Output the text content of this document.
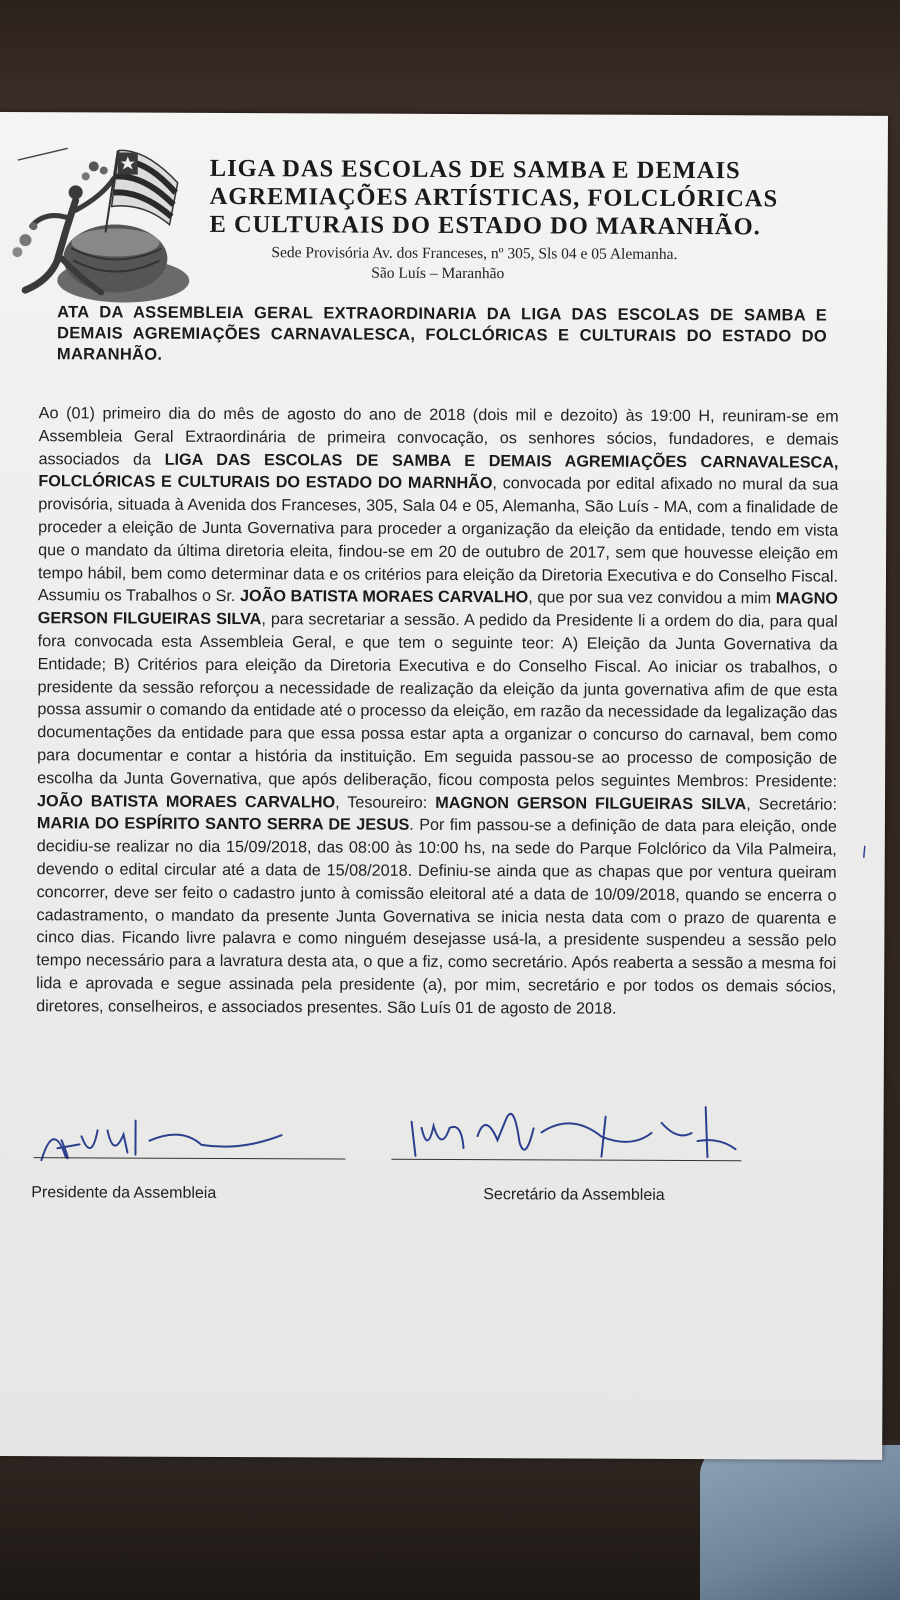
LIGA DAS ESCOLAS DE SAMBA E DEMAIS
AGREMIAÇÕES ARTÍSTICAS, FOLCLÓRICAS
E CULTURAIS DO ESTADO DO MARANHÃO.
Sede Provisória Av. dos Franceses, nº 305, Sls 04 e 05 Alemanha.
São Luís – Maranhão
ATA DA ASSEMBLEIA GERAL EXTRAORDINARIA DA LIGA DAS ESCOLAS DE SAMBA E DEMAIS AGREMIAÇÕES CARNAVALESCA, FOLCLÓRICAS E CULTURAIS DO ESTADO DO MARANHÃO.
Ao (01) primeiro dia do mês de agosto do ano de 2018 (dois mil e dezoito) às 19:00 H, reuniram-se em Assembleia Geral Extraordinária de primeira convocação, os senhores sócios, fundadores, e demais associados da LIGA DAS ESCOLAS DE SAMBA E DEMAIS AGREMIAÇÕES CARNAVALESCA, FOLCLÓRICAS E CULTURAIS DO ESTADO DO MARNHÃO, convocada por edital afixado no mural da sua provisória, situada à Avenida dos Franceses, 305, Sala 04 e 05, Alemanha, São Luís - MA, com a finalidade de proceder a eleição de Junta Governativa para proceder a organização da eleição da entidade, tendo em vista que o mandato da última diretoria eleita, findou-se em 20 de outubro de 2017, sem que houvesse eleição em tempo hábil, bem como determinar data e os critérios para eleição da Diretoria Executiva e do Conselho Fiscal. Assumiu os Trabalhos o Sr. JOÃO BATISTA MORAES CARVALHO, que por sua vez convidou a mim MAGNO GERSON FILGUEIRAS SILVA, para secretariar a sessão. A pedido da Presidente li a ordem do dia, para qual fora convocada esta Assembleia Geral, e que tem o seguinte teor: A) Eleição da Junta Governativa da Entidade; B) Critérios para eleição da Diretoria Executiva e do Conselho Fiscal. Ao iniciar os trabalhos, o presidente da sessão reforçou a necessidade de realização da eleição da junta governativa afim de que esta possa assumir o comando da entidade até o processo da eleição, em razão da necessidade da legalização das documentações da entidade para que essa possa estar apta a organizar o concurso do carnaval, bem como para documentar e contar a história da instituição. Em seguida passou-se ao processo de composição de escolha da Junta Governativa, que após deliberação, ficou composta pelos seguintes Membros: Presidente: JOÃO BATISTA MORAES CARVALHO, Tesoureiro: MAGNON GERSON FILGUEIRAS SILVA, Secretário: MARIA DO ESPÍRITO SANTO SERRA DE JESUS. Por fim passou-se a definição de data para eleição, onde decidiu-se realizar no dia 15/09/2018, das 08:00 às 10:00 hs, na sede do Parque Folclórico da Vila Palmeira, devendo o edital circular até a data de 15/08/2018. Definiu-se ainda que as chapas que por ventura queiram concorrer, deve ser feito o cadastro junto à comissão eleitoral até a data de 10/09/2018, quando se encerra o cadastramento, o mandato da presente Junta Governativa se inicia nesta data com o prazo de quarenta e cinco dias. Ficando livre palavra e como ninguém desejasse usá-la, a presidente suspendeu a sessão pelo tempo necessário para a lavratura desta ata, o que a fiz, como secretário. Após reaberta a sessão a mesma foi lida e aprovada e segue assinada pela presidente (a), por mim, secretário e por todos os demais sócios, diretores, conselheiros, e associados presentes. São Luís 01 de agosto de 2018.
Presidente da Assembleia	Secretário da Assembleia
